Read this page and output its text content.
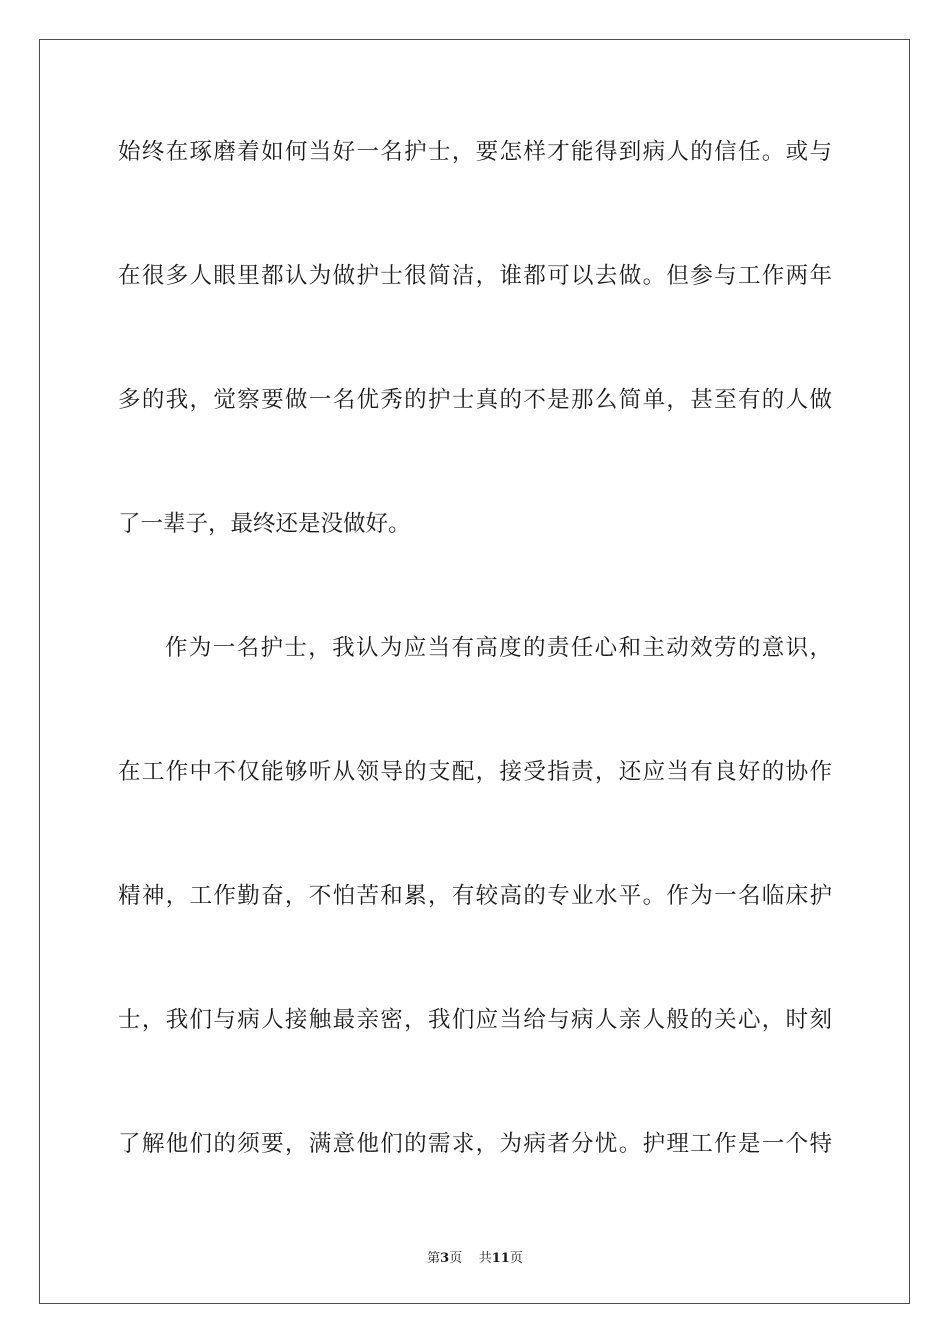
始终在琢磨着如何当好一名护士，要怎样才能得到病人的信任。或与
在很多人眼里都认为做护士很简洁，谁都可以去做。但参与工作两年
多的我，觉察要做一名优秀的护士真的不是那么简单，甚至有的人做
了一辈子，最终还是没做好。
作为一名护士，我认为应当有高度的责任心和主动效劳的意识，
在工作中不仅能够听从领导的支配，接受指责，还应当有良好的协作
精神，工作勤奋，不怕苦和累，有较高的专业水平。作为一名临床护
士，我们与病人接触最亲密，我们应当给与病人亲人般的关心，时刻
了解他们的须要，满意他们的需求，为病者分忧。护理工作是一个特
第3页 共11页
